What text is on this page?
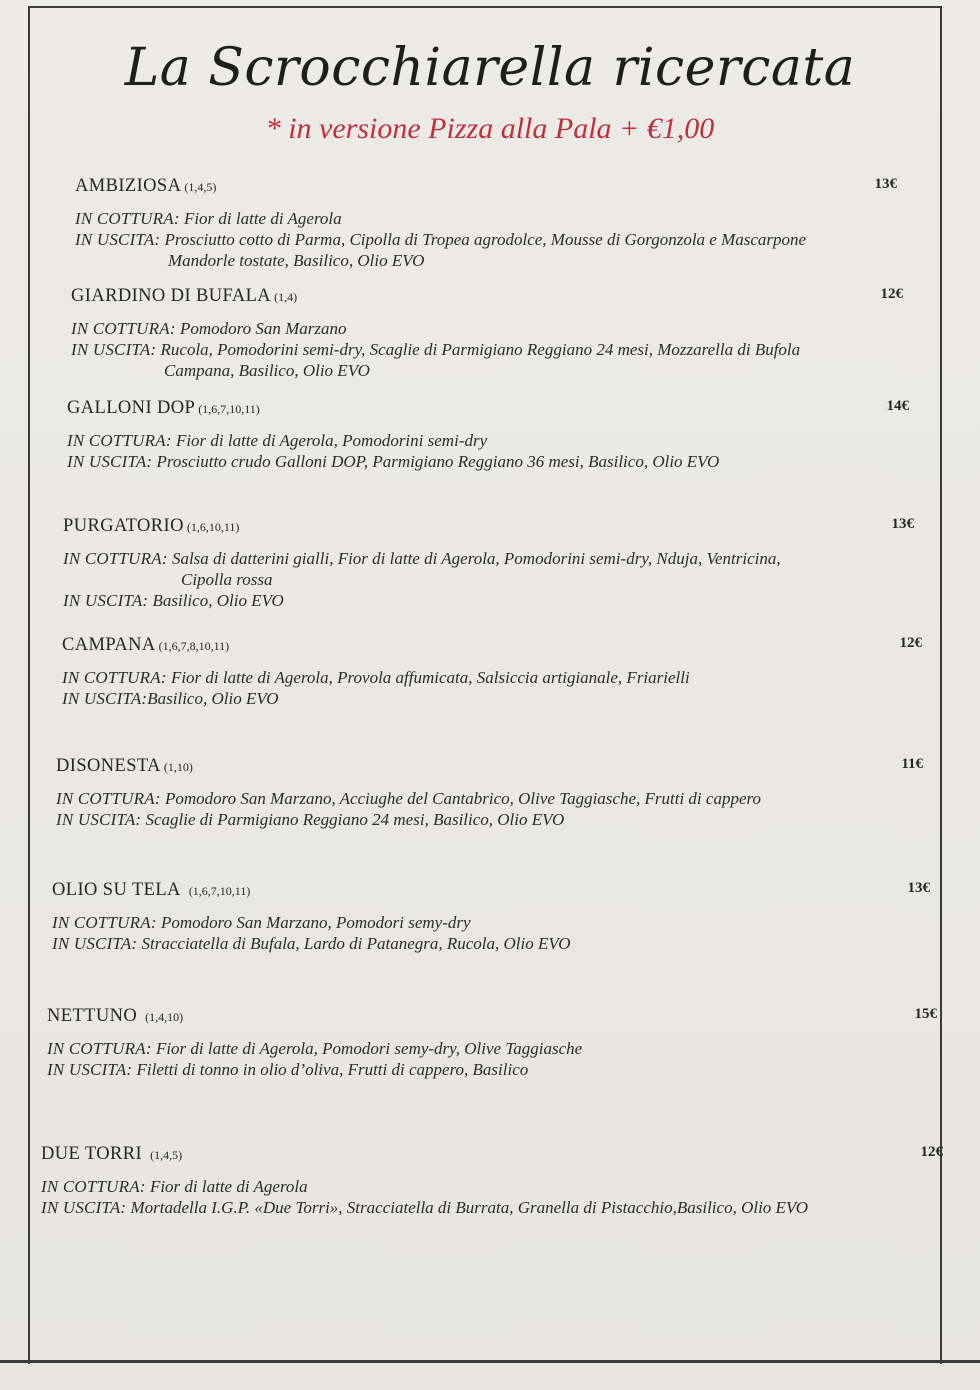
La Scrocchiarella ricercata
* in versione Pizza alla Pala + €1,00
AMBIZIOSA (1,4,5)	13€
IN COTTURA: Fior di latte di Agerola
IN USCITA: Prosciutto cotto di Parma, Cipolla di Tropea agrodolce, Mousse di Gorgonzola e Mascarpone
Mandorle tostate, Basilico, Olio EVO
GIARDINO DI BUFALA (1,4)	12€
IN COTTURA: Pomodoro San Marzano
IN USCITA: Rucola, Pomodorini semi-dry, Scaglie di Parmigiano Reggiano 24 mesi, Mozzarella di Bufola
Campana, Basilico, Olio EVO
GALLONI DOP (1,6,7,10,11)	14€
IN COTTURA: Fior di latte di Agerola, Pomodorini semi-dry
IN USCITA: Prosciutto crudo Galloni DOP, Parmigiano Reggiano 36 mesi, Basilico, Olio EVO
PURGATORIO (1,6,10,11)	13€
IN COTTURA: Salsa di datterini gialli, Fior di latte di Agerola, Pomodorini semi-dry, Nduja, Ventricina,
Cipolla rossa
IN USCITA: Basilico, Olio EVO
CAMPANA (1,6,7,8,10,11)	12€
IN COTTURA: Fior di latte di Agerola, Provola affumicata, Salsiccia artigianale, Friarielli
IN USCITA:Basilico, Olio EVO
DISONESTA (1,10)	11€
IN COTTURA: Pomodoro San Marzano, Acciughe del Cantabrico, Olive Taggiasche, Frutti di cappero
IN USCITA: Scaglie di Parmigiano Reggiano 24 mesi, Basilico, Olio EVO
OLIO SU TELA (1,6,7,10,11)	13€
IN COTTURA: Pomodoro San Marzano, Pomodori semy-dry
IN USCITA: Stracciatella di Bufala, Lardo di Patanegra, Rucola, Olio EVO
NETTUNO (1,4,10)	15€
IN COTTURA: Fior di latte di Agerola, Pomodori semy-dry, Olive Taggiasche
IN USCITA: Filetti di tonno in olio d’oliva, Frutti di cappero, Basilico
DUE TORRI (1,4,5)	12€
IN COTTURA: Fior di latte di Agerola
IN USCITA: Mortadella I.G.P. «Due Torri», Stracciatella di Burrata, Granella di Pistacchio,Basilico, Olio EVO
